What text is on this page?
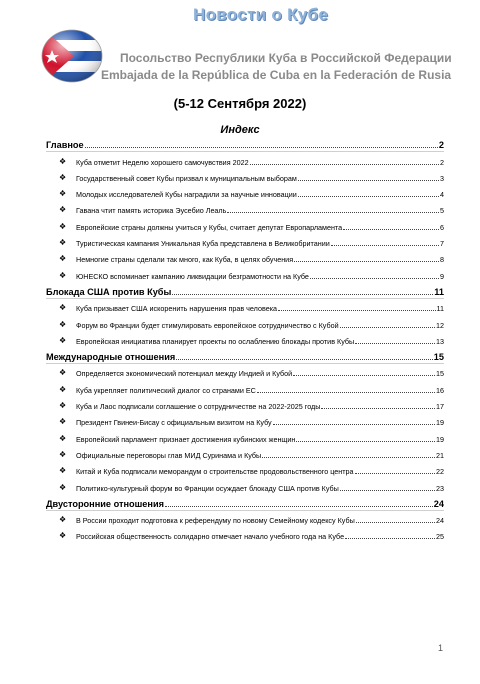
Новости о Кубе
Посольство Республики Куба в Российской Федерации
Embajada de la República de Cuba en la Federación de Rusia
(5-12 Сентября 2022)
Индекс
Главное	2
❖ Куба отметит Неделю хорошего самочувствия 2022	2
❖ Государственный совет Кубы призвал к муниципальным выборам	3
❖ Молодых исследователей Кубы наградили за научные инновации	4
❖ Гавана чтит память историка Эусебио Леаль	5
❖ Европейские страны должны учиться у Кубы, считает депутат Европарламента	6
❖ Туристическая кампания Уникальная Куба представлена в Великобритании	7
❖ Немногие страны сделали так много, как Куба, в целях обучения	8
❖ ЮНЕСКО вспоминает кампанию ликвидации безграмотности на Кубе	9
Блокада США против Кубы	11
❖ Куба призывает США искоренить нарушения прав человека	11
❖ Форум во Франции будет стимулировать европейское сотрудничество с Кубой	12
❖ Европейская инициатива планирует проекты по ослаблению блокады против Кубы	13
Международные отношения	15
❖ Определяется экономический потенциал между Индией и Кубой	15
❖ Куба укрепляет политический диалог со странами ЕС	16
❖ Куба и Лаос подписали соглашение о сотрудничестве на 2022-2025 годы	17
❖ Президент Гвинеи-Бисау с официальным визитом на Кубу	19
❖ Европейский парламент признает достижения кубинских женщин	19
❖ Официальные переговоры глав МИД Суринама и Кубы	21
❖ Китай и Куба подписали меморандум о строительстве продовольственного центра	22
❖ Политико-культурный форум во Франции осуждает блокаду США против Кубы	23
Двусторонние отношения	24
❖ В России проходит подготовка к референдуму по новому Семейному кодексу Кубы	24
❖ Российская общественность солидарно отмечает начало учебного года на Кубе	25
1
